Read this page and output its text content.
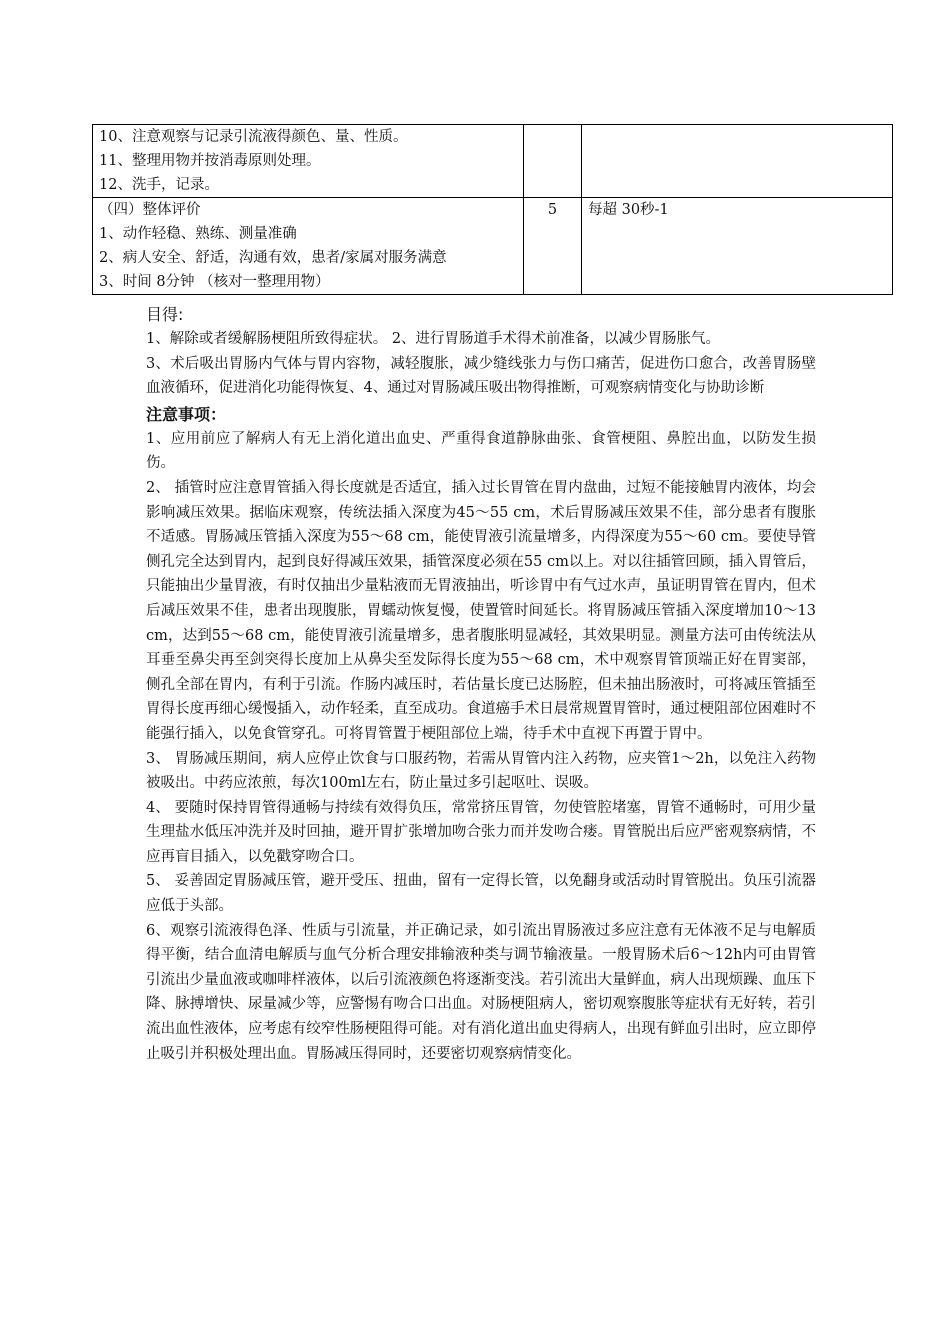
10、注意观察与记录引流液得颜色、量、性质。
11、整理用物并按消毒原则处理。
12、洗手，记录。		

（四）整体评价
1、动作轻稳、熟练、测量准确
2、病人安全、舒适，沟通有效，患者/家属对服务满意
3、时间 8分钟 （核对一整理用物）	5	每超 30秒-1
目得:

1、解除或者缓解肠梗阻所致得症状。 2、进行胃肠道手术得术前准备，以减少胃肠胀气。

3、术后吸出胃肠内气体与胃内容物，减轻腹胀，减少缝线张力与伤口痛苦，促进伤口愈合，改善胃肠壁血液循环，促进消化功能得恢复、4、通过对胃肠减压吸出物得推断，可观察病情变化与协助诊断

注意事项：

1、应用前应了解病人有无上消化道出血史、严重得食道静脉曲张、食管梗阻、鼻腔出血，以防发生损伤。

2、 插管时应注意胃管插入得长度就是否适宜，插入过长胃管在胃内盘曲，过短不能接触胃内液体，均会影响减压效果。据临床观察，传统法插入深度为45～55 cm，术后胃肠减压效果不佳，部分患者有腹胀不适感。胃肠减压管插入深度为55～68 cm，能使胃液引流量增多，内得深度为55～60 cm。要使导管侧孔完全达到胃内，起到良好得减压效果，插管深度必须在55 cm以上。对以往插管回顾，插入胃管后，只能抽出少量胃液，有时仅抽出少量粘液而无胃液抽出，听诊胃中有气过水声，虽证明胃管在胃内，但术后减压效果不佳，患者出现腹胀，胃蠕动恢复慢，使置管时间延长。将胃肠减压管插入深度增加10～13 cm，达到55～68 cm，能使胃液引流量增多，患者腹胀明显减轻，其效果明显。测量方法可由传统法从耳垂至鼻尖再至剑突得长度加上从鼻尖至发际得长度为55～68 cm，术中观察胃管顶端正好在胃窦部，侧孔全部在胃内，有利于引流。作肠内减压时，若估量长度已达肠腔，但未抽出肠液时，可将减压管插至胃得长度再细心缓慢插入，动作轻柔，直至成功。食道癌手术日晨常规置胃管时，通过梗阻部位困难时不能强行插入，以免食管穿孔。可将胃管置于梗阻部位上端，待手术中直视下再置于胃中。

3、 胃肠减压期间，病人应停止饮食与口服药物，若需从胃管内注入药物，应夹管1～2h，以免注入药物被吸出。中药应浓煎，每次100ml左右，防止量过多引起呕吐、误吸。

4、 要随时保持胃管得通畅与持续有效得负压，常常挤压胃管，勿使管腔堵塞，胃管不通畅时，可用少量生理盐水低压冲洗并及时回抽，避开胃扩张增加吻合张力而并发吻合瘘。胃管脱出后应严密观察病情，不应再盲目插入，以免戳穿吻合口。

5、 妥善固定胃肠减压管，避开受压、扭曲，留有一定得长管，以免翻身或活动时胃管脱出。负压引流器应低于头部。

6、观察引流液得色泽、性质与引流量，并正确记录，如引流出胃肠液过多应注意有无体液不足与电解质得平衡，结合血清电解质与血气分析合理安排输液种类与调节输液量。一般胃肠术后6～12h内可由胃管引流出少量血液或咖啡样液体，以后引流液颜色将逐渐变浅。若引流出大量鲜血，病人出现烦躁、血压下降、脉搏增快、尿量减少等，应警惕有吻合口出血。对肠梗阻病人，密切观察腹胀等症状有无好转，若引流出血性液体，应考虑有绞窄性肠梗阻得可能。对有消化道出血史得病人，出现有鲜血引出时，应立即停止吸引并积极处理出血。胃肠减压得同时，还要密切观察病情变化。
